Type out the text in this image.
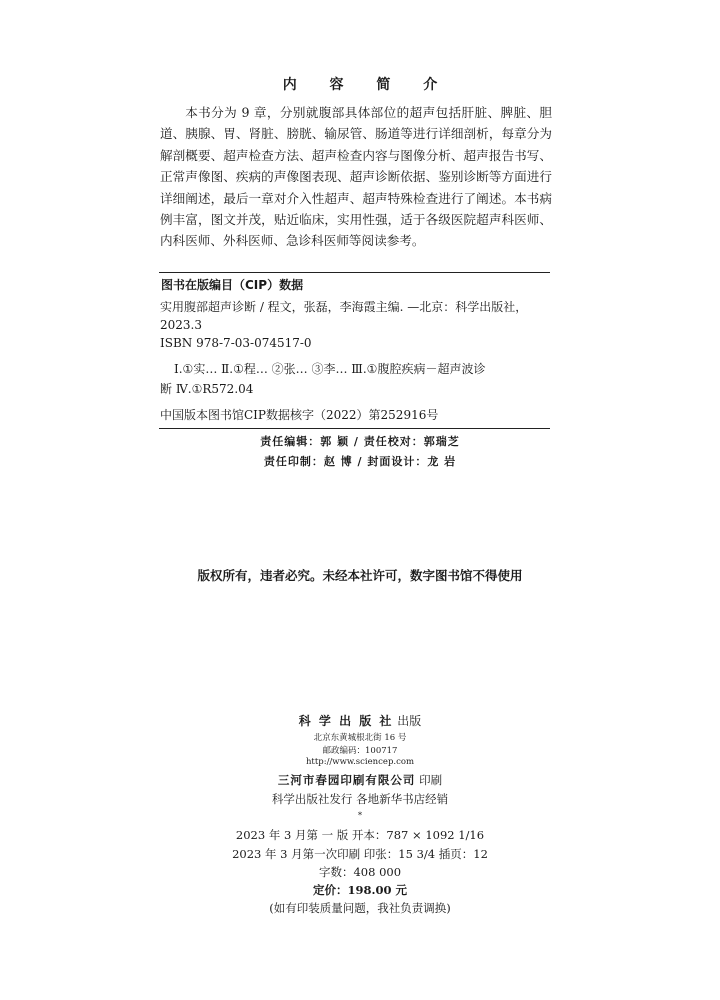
内 容 简 介
本书分为 9 章，分别就腹部具体部位的超声包括肝脏、脾脏、胆道、胰腺、胃、肾脏、膀胱、输尿管、肠道等进行详细剖析，每章分为解剖概要、超声检查方法、超声检查内容与图像分析、超声报告书写、正常声像图、疾病的声像图表现、超声诊断依据、鉴别诊断等方面进行详细阐述，最后一章对介入性超声、超声特殊检查进行了阐述。本书病例丰富，图文并茂，贴近临床，实用性强，适于各级医院超声科医师、内科医师、外科医师、急诊科医师等阅读参考。
图书在版编目（CIP）数据
实用腹部超声诊断 / 程文，张磊，李海霞主编. —北京：科学出版社，
2023.3
ISBN 978-7-03-074517-0
Ⅰ.①实… Ⅱ.①程… ②张… ③李… Ⅲ.①腹腔疾病－超声波诊
断 Ⅳ.①R572.04
中国版本图书馆CIP数据核字（2022）第252916号
责任编辑：郭 颖 / 责任校对：郭瑞芝
责任印制：赵 博 / 封面设计：龙 岩
版权所有，违者必究。未经本社许可，数字图书馆不得使用
科 学 出 版 社 出版
北京东黄城根北街 16 号
邮政编码：100717
http://www.sciencep.com
三河市春园印刷有限公司 印刷
科学出版社发行 各地新华书店经销
*
2023 年 3 月第 一 版 开本：787 × 1092 1/16
2023 年 3 月第一次印刷 印张：15 3/4 插页：12
字数：408 000
定价：198.00 元
(如有印装质量问题，我社负责调换)
